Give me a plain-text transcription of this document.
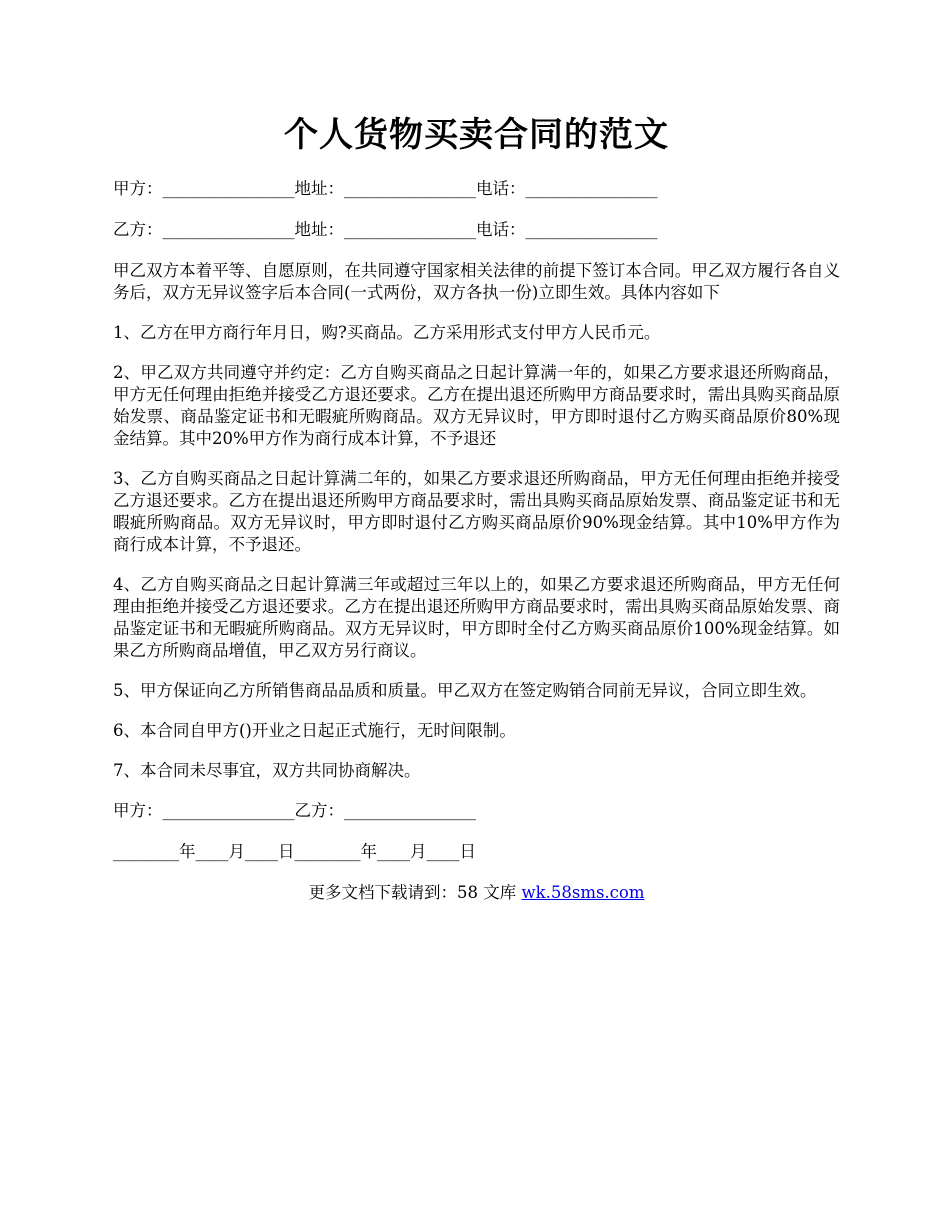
个人货物买卖合同的范文
甲方：________________地址：________________电话：________________
乙方：________________地址：________________电话：________________

甲乙双方本着平等、自愿原则，在共同遵守国家相关法律的前提下签订本合同。甲乙双方履行各自义务后，双方无异议签字后本合同(一式两份，双方各执一份)立即生效。具体内容如下

1、乙方在甲方商行年月日，购?买商品。乙方采用形式支付甲方人民币元。

2、甲乙双方共同遵守并约定：乙方自购买商品之日起计算满一年的，如果乙方要求退还所购商品，甲方无任何理由拒绝并接受乙方退还要求。乙方在提出退还所购甲方商品要求时，需出具购买商品原始发票、商品鉴定证书和无暇疵所购商品。双方无异议时，甲方即时退付乙方购买商品原价80%现金结算。其中20%甲方作为商行成本计算，不予退还

3、乙方自购买商品之日起计算满二年的，如果乙方要求退还所购商品，甲方无任何理由拒绝并接受乙方退还要求。乙方在提出退还所购甲方商品要求时，需出具购买商品原始发票、商品鉴定证书和无暇疵所购商品。双方无异议时，甲方即时退付乙方购买商品原价90%现金结算。其中10%甲方作为商行成本计算，不予退还。

4、乙方自购买商品之日起计算满三年或超过三年以上的，如果乙方要求退还所购商品，甲方无任何理由拒绝并接受乙方退还要求。乙方在提出退还所购甲方商品要求时，需出具购买商品原始发票、商品鉴定证书和无暇疵所购商品。双方无异议时，甲方即时全付乙方购买商品原价100%现金结算。如果乙方所购商品增值，甲乙双方另行商议。

5、甲方保证向乙方所销售商品品质和质量。甲乙双方在签定购销合同前无异议，合同立即生效。

6、本合同自甲方()开业之日起正式施行，无时间限制。

7、本合同未尽事宜，双方共同协商解决。

甲方：________________乙方：________________
________年____月____日________年____月____日
更多文档下载请到：58 文库 wk.58sms.com
